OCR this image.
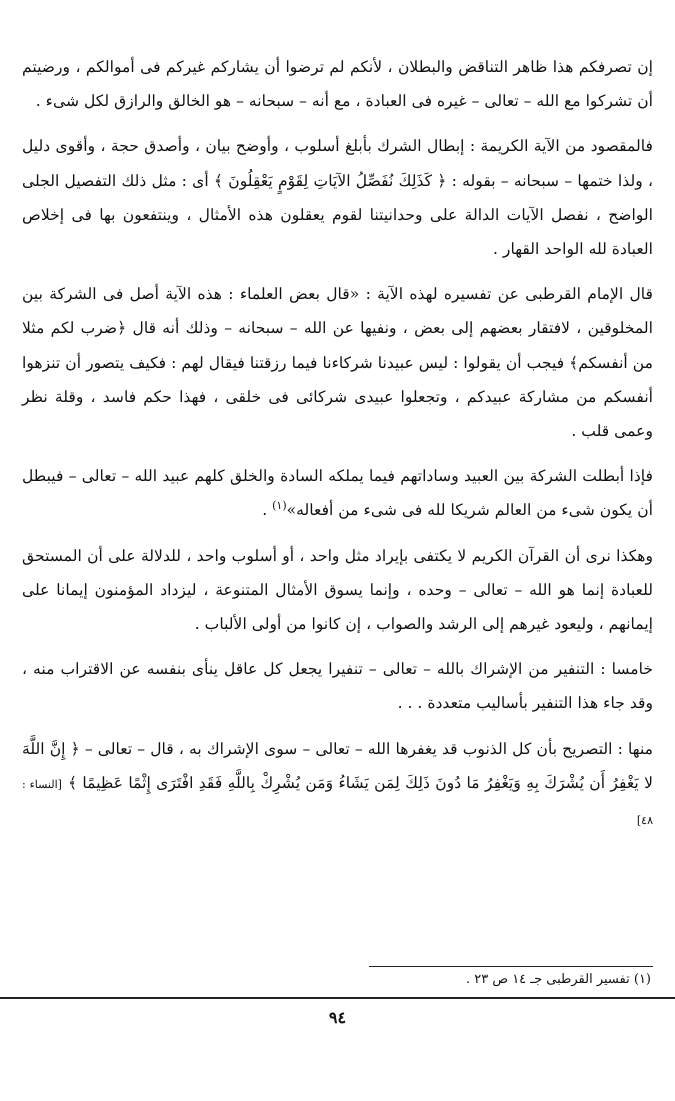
إن تصرفكم هذا ظاهر التناقض والبطلان ، لأنكم لم ترضوا أن يشاركم غيركم فى أموالكم ، ورضيتم أن تشركوا مع الله – تعالى – غيره فى العبادة ، مع أنه – سبحانه – هو الخالق والرازق لكل شىء .

فالمقصود من الآية الكريمة : إبطال الشرك بأبلغ أسلوب ، وأوضح بيان ، وأصدق حجة ، وأقوى دليل ، ولذا ختمها – سبحانه – بقوله : ﴿ كَذَلِكَ نُفَصِّلُ الآيَاتِ لِقَوْمٍ يَعْقِلُونَ ﴾ أى : مثل ذلك التفصيل الجلى الواضح ، نفصل الآيات الدالة على وحدانيتنا لقوم يعقلون هذه الأمثال ، وينتفعون بها فى إخلاص العبادة لله الواحد القهار .

قال الإمام القرطبى عن تفسيره لهذه الآية : «قال بعض العلماء : هذه الآية أصل فى الشركة بين المخلوقين ، لافتقار بعضهم إلى بعض ، ونفيها عن الله – سبحانه – وذلك أنه قال ﴿ضرب لكم مثلا من أنفسكم﴾ فيجب أن يقولوا : ليس عبيدنا شركاءنا فيما رزقتنا فيقال لهم : فكيف يتصور أن تنزهوا أنفسكم من مشاركة عبيدكم ، وتجعلوا عبيدى شركائى فى خلقى ، فهذا حكم فاسد ، وقلة نظر وعمى قلب .

فإذا أبطلت الشركة بين العبيد وساداتهم فيما يملكه السادة والخلق كلهم عبيد الله – تعالى – فيبطل أن يكون شىء من العالم شريكا لله فى شىء من أفعاله»$^{(١)}$ .

وهكذا نرى أن القرآن الكريم لا يكتفى بإيراد مثل واحد ، أو أسلوب واحد ، للدلالة على أن المستحق للعبادة إنما هو الله – تعالى – وحده ، وإنما يسوق الأمثال المتنوعة ، ليزداد المؤمنون إيمانا على إيمانهم ، وليعود غيرهم إلى الرشد والصواب ، إن كانوا من أولى الألباب .

خامسا : التنفير من الإشراك بالله – تعالى – تنفيرا يجعل كل عاقل ينأى بنفسه عن الاقتراب منه ، وقد جاء هذا التنفير بأساليب متعددة . . .

منها : التصريح بأن كل الذنوب قد يغفرها الله – تعالى – سوى الإشراك به ، قال – تعالى – ﴿ إِنَّ اللَّهَ لا يَغْفِرُ أَن يُشْرَكَ بِهِ وَيَغْفِرُ مَا دُونَ ذَلِكَ لِمَن يَشَاءُ وَمَن يُشْرِكْ بِاللَّهِ فَقَدِ افْتَرَى إِثْمًا عَظِيمًا ﴾[النساء : ٤٨]

(١) تفسير القرطبى جـ ١٤ ص ٢٣ .
٩٤
